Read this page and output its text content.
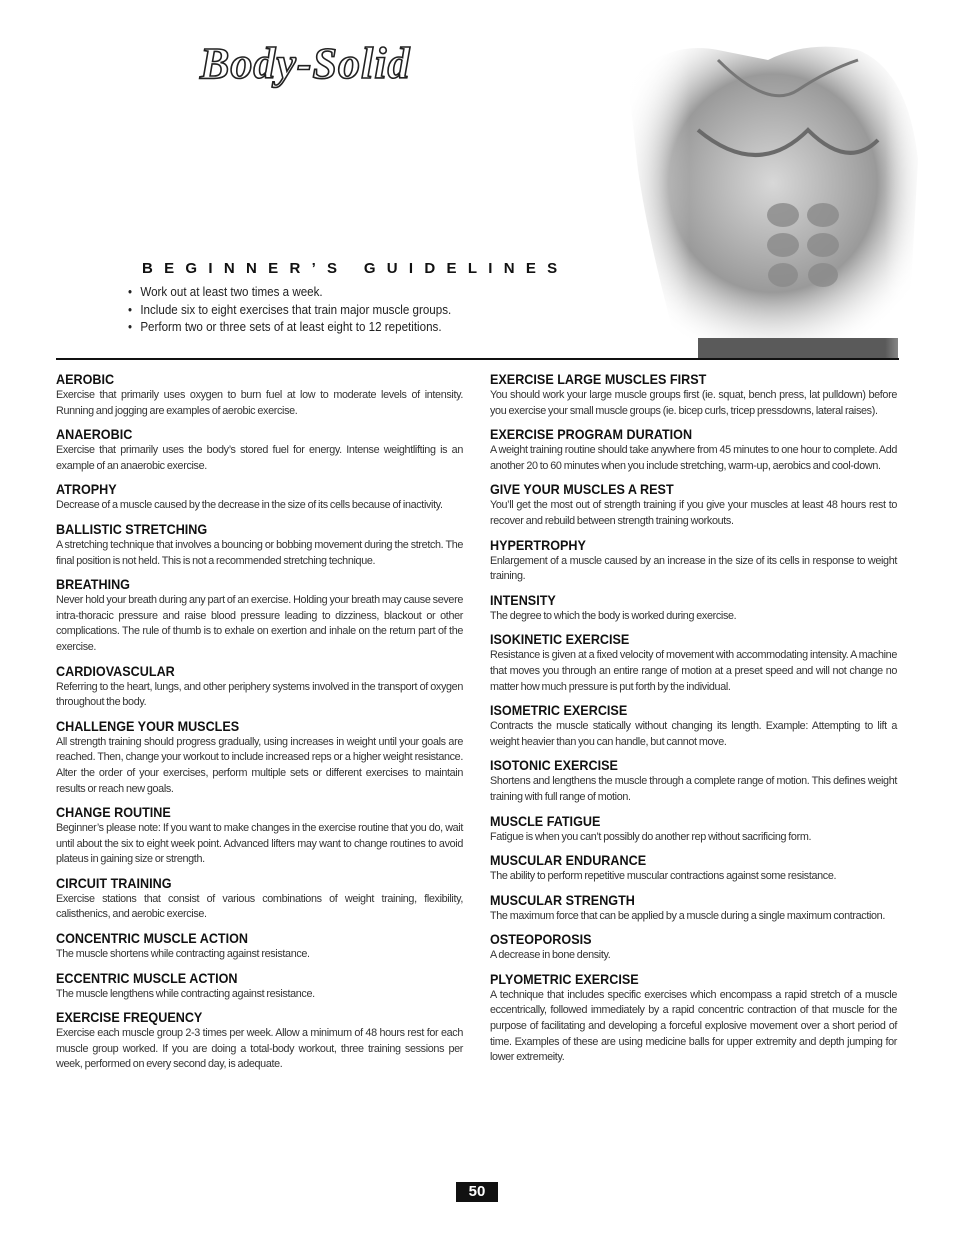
Body-Solid
BEGINNER’S GUIDELINES
• Work out at least two times a week.
• Include six to eight exercises that train major muscle groups.
• Perform two or three sets of at least eight to 12 repetitions.
AEROBIC
Exercise that primarily uses oxygen to burn fuel at low to moderate levels of intensity. Running and jogging are examples of aerobic exercise.
ANAEROBIC
Exercise that primarily uses the body’s stored fuel for energy. Intense weightlifting is an example of an anaerobic exercise.
ATROPHY
Decrease of a muscle caused by the decrease in the size of its cells because of inactivity.
BALLISTIC STRETCHING
A stretching technique that involves a bouncing or bobbing movement during the stretch. The final position is not held. This is not a recommended stretching technique.
BREATHING
Never hold your breath during any part of an exercise. Holding your breath may cause severe intra-thoracic pressure and raise blood pressure leading to dizziness, blackout or other complications. The rule of thumb is to exhale on exertion and inhale on the return part of the exercise.
CARDIOVASCULAR
Referring to the heart, lungs, and other periphery systems involved in the transport of oxygen throughout the body.
CHALLENGE YOUR MUSCLES
All strength training should progress gradually, using increases in weight until your goals are reached. Then, change your workout to include increased reps or a higher weight resistance. Alter the order of your exercises, perform multiple sets or different exercises to maintain results or reach new goals.
CHANGE ROUTINE
Beginner’s please note: If you want to make changes in the exercise routine that you do, wait until about the six to eight week point. Advanced lifters may want to change routines to avoid plateus in gaining size or strength.
CIRCUIT TRAINING
Exercise stations that consist of various combinations of weight training, flexibility, calisthenics, and aerobic exercise.
CONCENTRIC MUSCLE ACTION
The muscle shortens while contracting against resistance.
ECCENTRIC MUSCLE ACTION
The muscle lengthens while contracting against resistance.
EXERCISE FREQUENCY
Exercise each muscle group 2-3 times per week. Allow a minimum of 48 hours rest for each muscle group worked. If you are doing a total-body workout, three training sessions per week, performed on every second day, is adequate.
EXERCISE LARGE MUSCLES FIRST
You should work your large muscle groups first (ie. squat, bench press, lat pulldown) before you exercise your small muscle groups (ie. bicep curls, tricep pressdowns, lateral raises).
EXERCISE PROGRAM DURATION
A weight training routine should take anywhere from 45 minutes to one hour to complete. Add another 20 to 60 minutes when you include stretching, warm-up, aerobics and cool-down.
GIVE YOUR MUSCLES A REST
You’ll get the most out of strength training if you give your muscles at least 48 hours rest to recover and rebuild between strength training workouts.
HYPERTROPHY
Enlargement of a muscle caused by an increase in the size of its cells in response to weight training.
INTENSITY
The degree to which the body is worked during exercise.
ISOKINETIC EXERCISE
Resistance is given at a fixed velocity of movement with accommodating intensity. A machine that moves you through an entire range of motion at a preset speed and will not change no matter how much pressure is put forth by the individual.
ISOMETRIC EXERCISE
Contracts the muscle statically without changing its length. Example: Attempting to lift a weight heavier than you can handle, but cannot move.
ISOTONIC EXERCISE
Shortens and lengthens the muscle through a complete range of motion. This defines weight training with full range of motion.
MUSCLE FATIGUE
Fatigue is when you can’t possibly do another rep without sacrificing form.
MUSCULAR ENDURANCE
The ability to perform repetitive muscular contractions against some resistance.
MUSCULAR STRENGTH
The maximum force that can be applied by a muscle during a single maximum contraction.
OSTEOPOROSIS
A decrease in bone density.
PLYOMETRIC EXERCISE
A technique that includes specific exercises which encompass a rapid stretch of a muscle eccentrically, followed immediately by a rapid concentric contraction of that muscle for the purpose of facilitating and developing a forceful explosive movement over a short period of time. Examples of these are using medicine balls for upper extremity and depth jumping for lower extremeity.
50
